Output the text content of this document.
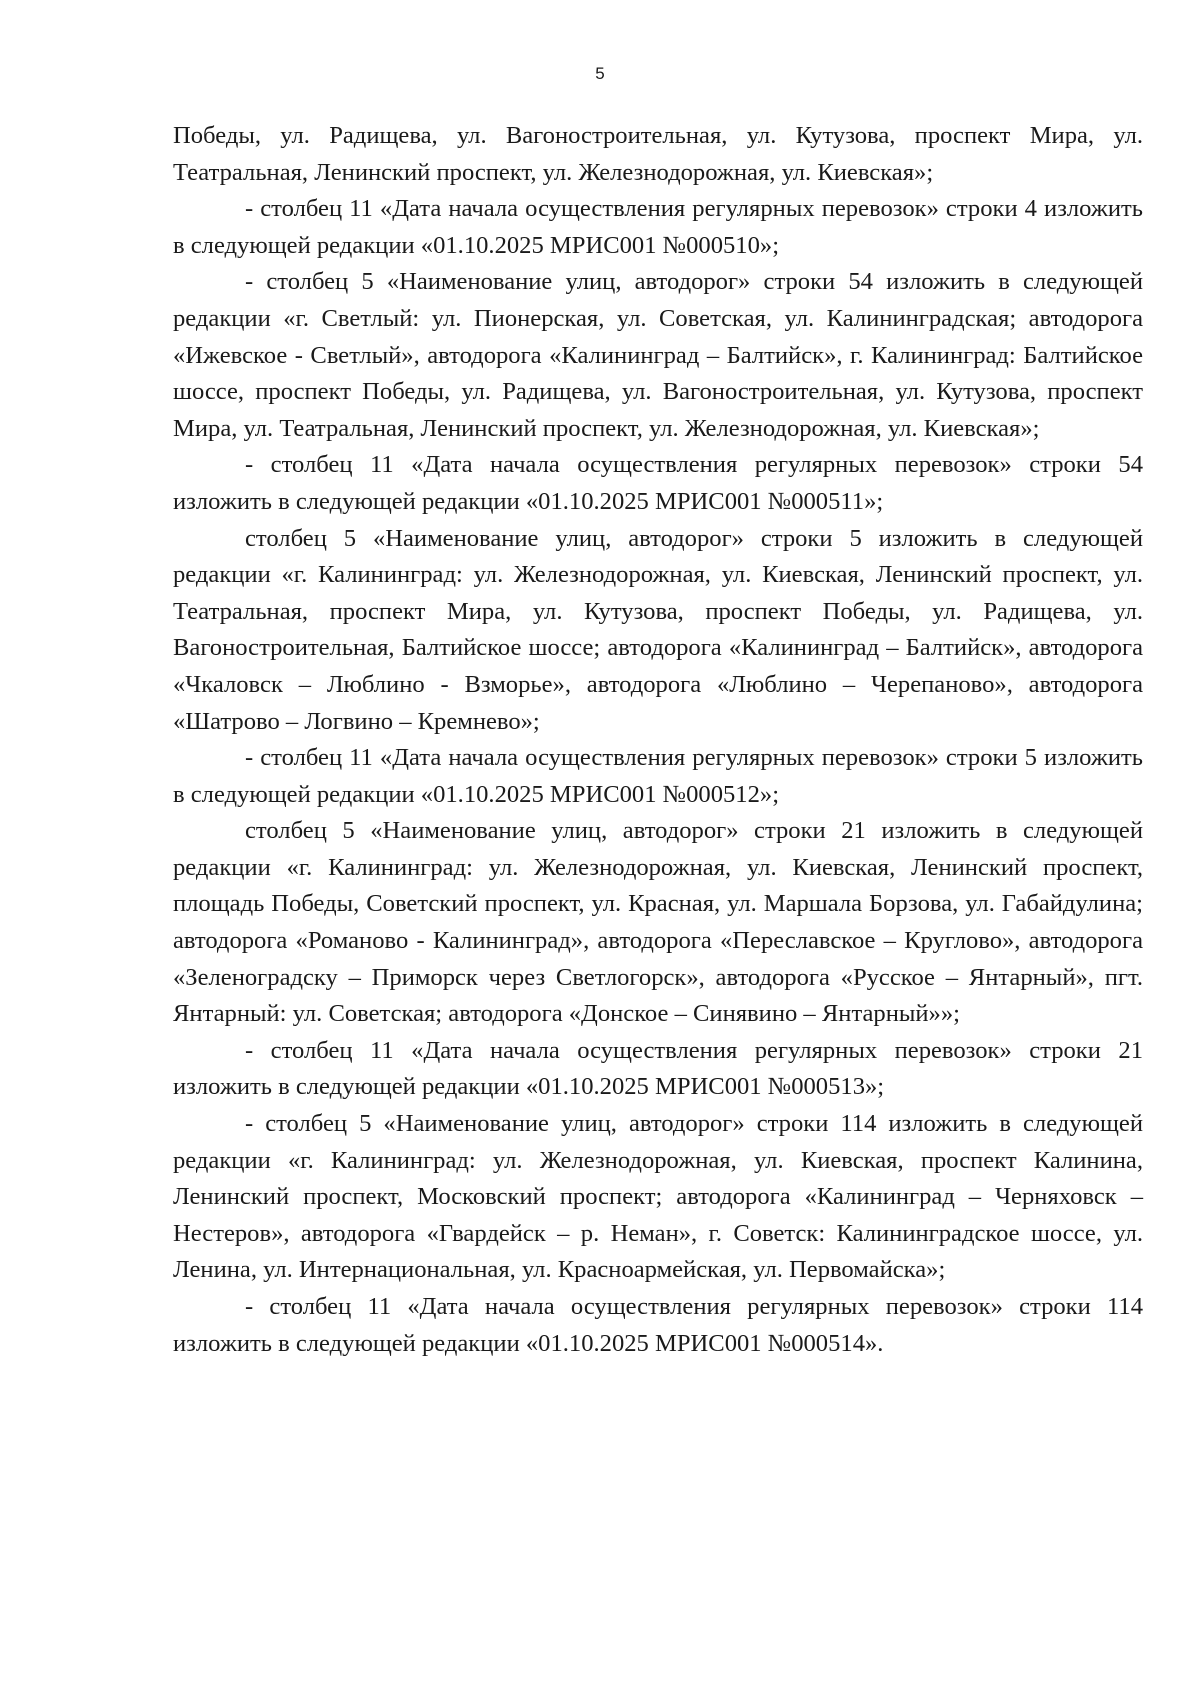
5

Победы, ул. Радищева, ул. Вагоностроительная, ул. Кутузова, проспект Мира, ул. Театральная, Ленинский проспект, ул. Железнодорожная, ул. Киевская»;

- столбец 11 «Дата начала осуществления регулярных перевозок» строки 4 изложить в следующей редакции «01.10.2025 МРИС001 №000510»;

- столбец 5 «Наименование улиц, автодорог» строки 54 изложить в следующей редакции «г. Светлый: ул. Пионерская, ул. Советская, ул. Калининградская; автодорога «Ижевское - Светлый», автодорога «Калининград – Балтийск», г. Калининград: Балтийское шоссе, проспект Победы, ул. Радищева, ул. Вагоностроительная, ул. Кутузова, проспект Мира, ул. Театральная, Ленинский проспект, ул. Железнодорожная, ул. Киевская»;

- столбец 11 «Дата начала осуществления регулярных перевозок» строки 54 изложить в следующей редакции «01.10.2025 МРИС001 №000511»;

столбец 5 «Наименование улиц, автодорог» строки 5 изложить в следующей редакции «г. Калининград: ул. Железнодорожная, ул. Киевская, Ленинский проспект, ул. Театральная, проспект Мира, ул. Кутузова, проспект Победы, ул. Радищева, ул. Вагоностроительная, Балтийское шоссе; автодорога «Калининград – Балтийск», автодорога «Чкаловск – Люблино - Взморье», автодорога «Люблино – Черепаново», автодорога «Шатрово – Логвино – Кремнево»;

- столбец 11 «Дата начала осуществления регулярных перевозок» строки 5 изложить в следующей редакции «01.10.2025 МРИС001 №000512»;

столбец 5 «Наименование улиц, автодорог» строки 21 изложить в следующей редакции «г. Калининград: ул. Железнодорожная, ул. Киевская, Ленинский проспект, площадь Победы, Советский проспект, ул. Красная, ул. Маршала Борзова, ул. Габайдулина; автодорога «Романово - Калининград», автодорога «Переславское – Круглово», автодорога «Зеленоградску – Приморск через Светлогорск», автодорога «Русское – Янтарный», пгт. Янтарный: ул. Советская; автодорога «Донское – Синявино – Янтарный»»;

- столбец 11 «Дата начала осуществления регулярных перевозок» строки 21 изложить в следующей редакции «01.10.2025 МРИС001 №000513»;

- столбец 5 «Наименование улиц, автодорог» строки 114 изложить в следующей редакции «г. Калининград: ул. Железнодорожная, ул. Киевская, проспект Калинина, Ленинский проспект, Московский проспект; автодорога «Калининград – Черняховск – Нестеров», автодорога «Гвардейск – р. Неман», г. Советск: Калининградское шоссе, ул. Ленина, ул. Интернациональная, ул. Красноармейская, ул. Первомайска»;

- столбец 11 «Дата начала осуществления регулярных перевозок» строки 114 изложить в следующей редакции «01.10.2025 МРИС001 №000514».
